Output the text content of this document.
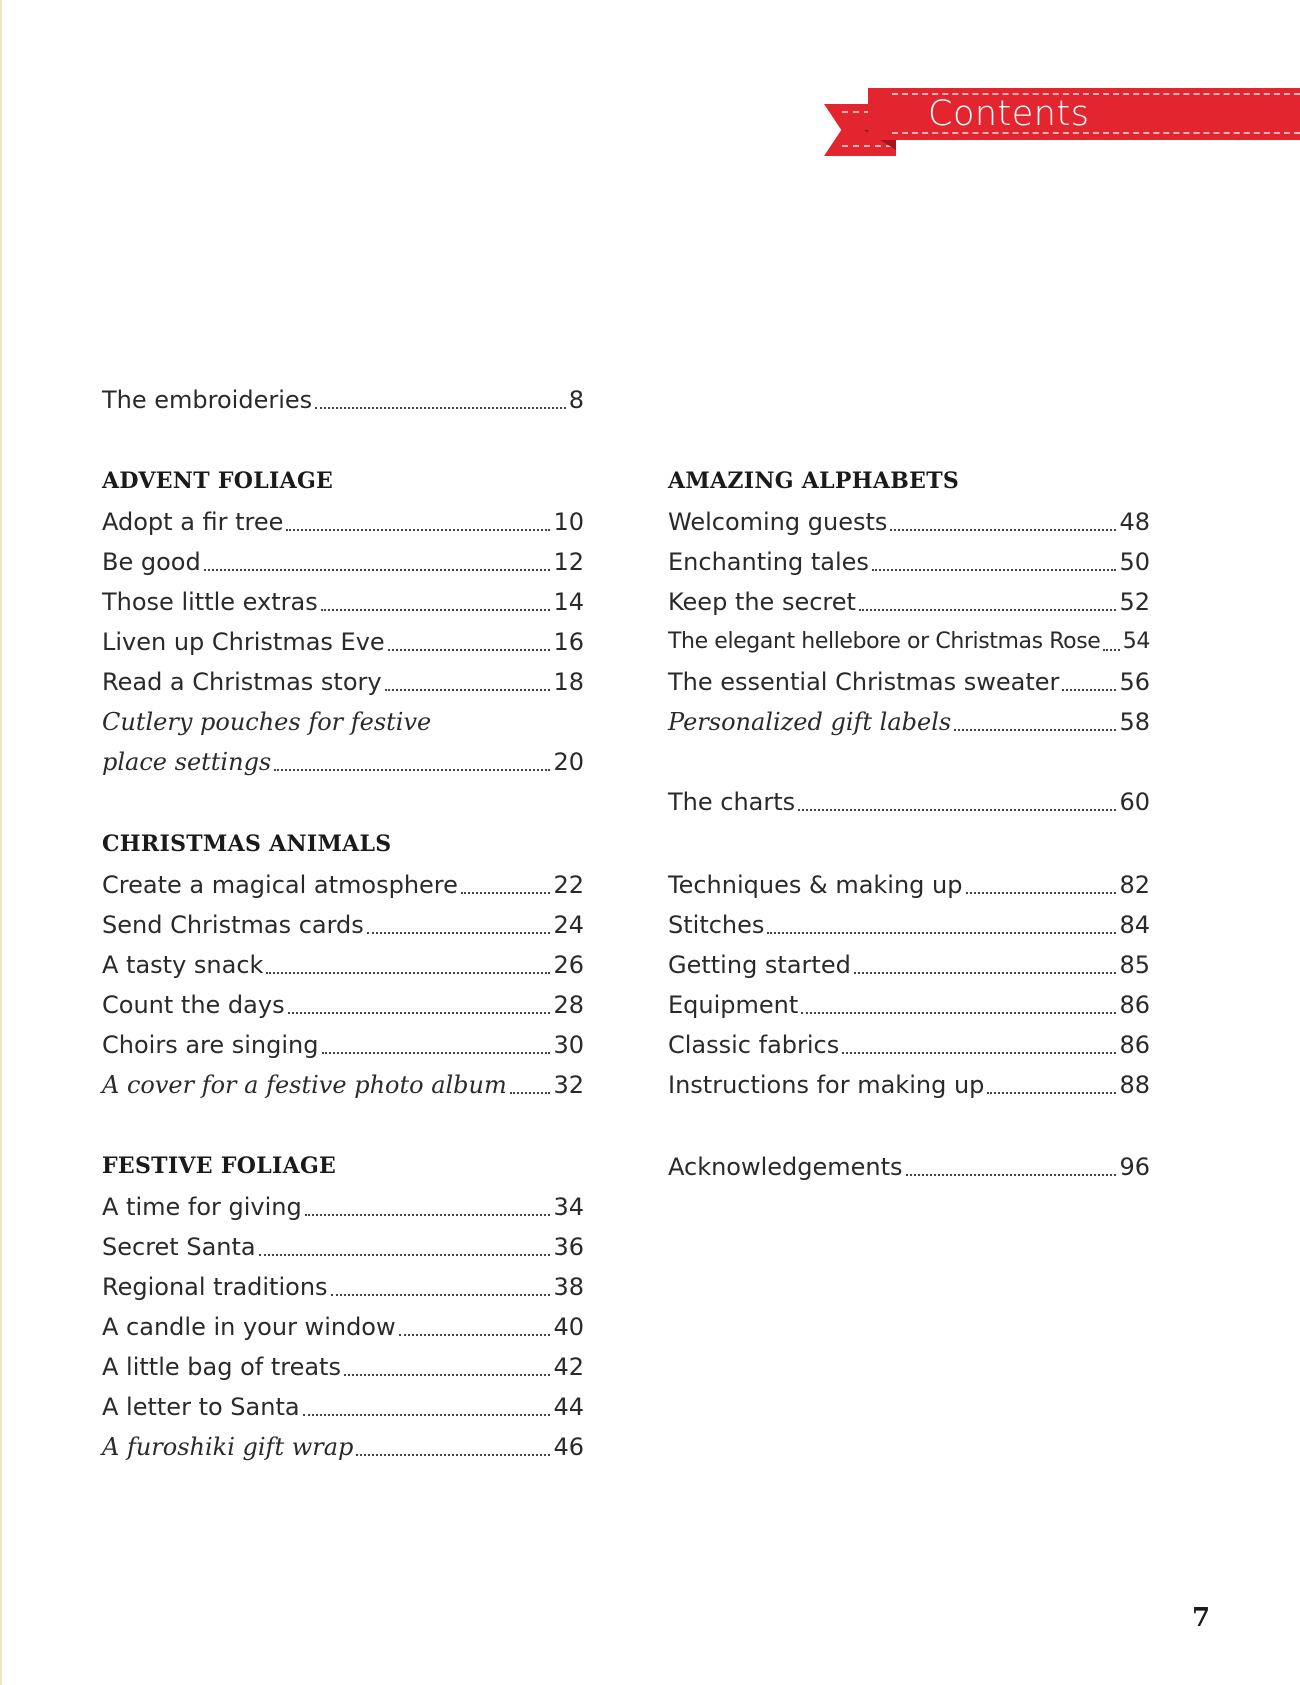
Contents
The embroideries	8
ADVENT FOLIAGE
Adopt a fir tree	10
Be good	12
Those little extras	14
Liven up Christmas Eve	16
Read a Christmas story	18
Cutlery pouches for festive
place settings	20
CHRISTMAS ANIMALS
Create a magical atmosphere	22
Send Christmas cards	24
A tasty snack	26
Count the days	28
Choirs are singing	30
A cover for a festive photo album 32
FESTIVE FOLIAGE
A time for giving	34
Secret Santa	36
Regional traditions	38
A candle in your window	40
A little bag of treats	42
A letter to Santa	44
A furoshiki gift wrap	46
AMAZING ALPHABETS
Welcoming guests	48
Enchanting tales	50
Keep the secret	52
The elegant hellebore or Christmas Rose 54
The essential Christmas sweater	56
Personalized gift labels	58
The charts	60
Techniques & making up	82
Stitches	84
Getting started	85
Equipment	86
Classic fabrics	86
Instructions for making up	88
Acknowledgements	96
7
